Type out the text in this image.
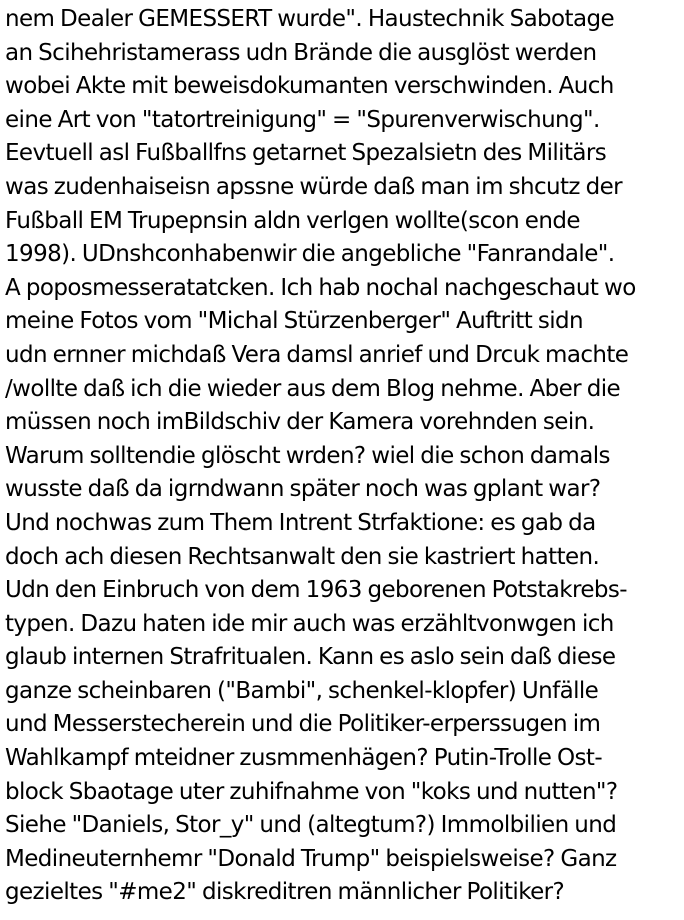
nem Dealer GEMESSERT wurde". Haustechnik Sabotage
an Scihehristamerass udn Brände die ausglöst werden
wobei Akte mit beweisdokumanten verschwinden. Auch
eine Art von "tatortreinigung" = "Spurenverwischung".
Eevtuell asl Fußballfns getarnet Spezalsietn des Militärs
was zudenhaiseisn apssne würde daß man im shcutz der
Fußball EM Trupepnsin aldn verlgen wollte(scon ende
1998). UDnshconhabenwir die angebliche "Fanrandale".
A poposmesseratatcken. Ich hab nochal nachgeschaut wo
meine Fotos vom "Michal Stürzenberger" Auftritt sidn
udn ernner michdaß Vera damsl anrief und Drcuk machte
/wollte daß ich die wieder aus dem Blog nehme. Aber die
müssen noch imBildschiv der Kamera vorehnden sein.
Warum solltendie glöscht wrden? wiel die schon damals
wusste daß da igrndwann später noch was gplant war?
Und nochwas zum Them Intrent Strfaktione: es gab da
doch ach diesen Rechtsanwalt den sie kastriert hatten.
Udn den Einbruch von dem 1963 geborenen Potstakrebs-
typen. Dazu haten ide mir auch was erzähltvonwgen ich
glaub internen Strafritualen. Kann es aslo sein daß diese
ganze scheinbaren ("Bambi", schenkel-klopfer) Unfälle
und Messerstecherein und die Politiker-erperssugen im
Wahlkampf mteidner zusmmenhägen? Putin-Trolle Ost-
block Sbaotage uter zuhifnahme von "koks und nutten"?
Siehe "Daniels, Stor_y" und (altegtum?) Immolbilien und
Medineuternhemr "Donald Trump" beispielsweise? Ganz
gezieltes "#me2" diskreditren männlicher Politiker?
